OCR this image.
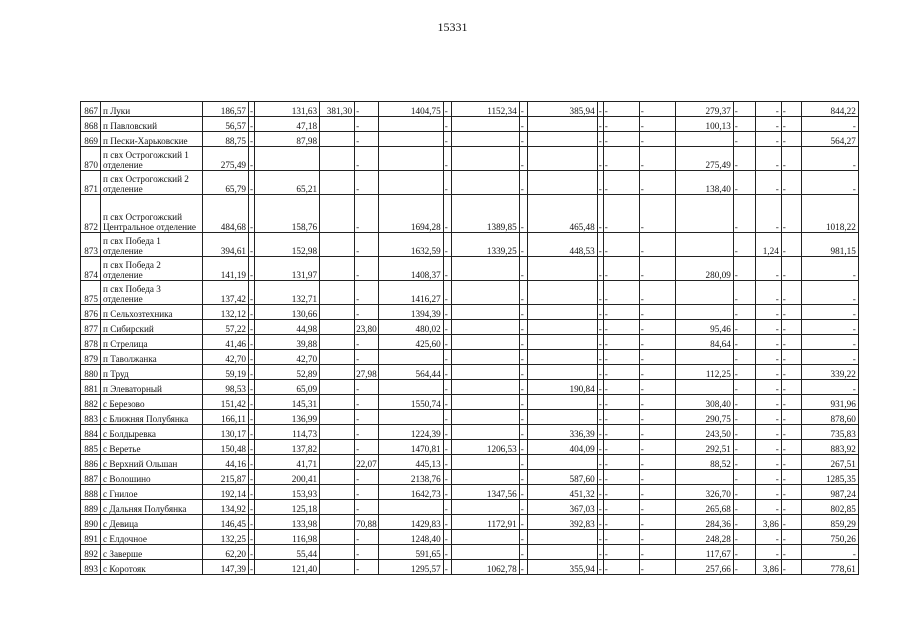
15331
867	п Луки	186,57	-	131,63	381,30	-	1404,75	-	1152,34	-	385,94	-	-	-	279,37	-	-	-	844,22
868	п Павловский	56,57	-	47,18		-		-		-		-	-	-	100,13	-	-	-	-
869	п Пески-Харьковские	88,75	-	87,98		-		-		-		-	-	-		-	-	-	564,27
870	п свх Острогожский 1 отделение	275,49	-			-		-		-		-	-	-	275,49	-	-	-	-
871	п свх Острогожский 2 отделение	65,79	-	65,21		-		-		-		-	-	-	138,40	-	-	-	-
872	п свх Острогожский Центральное отделение	484,68	-	158,76		-	1694,28	-	1389,85	-	465,48	-	-	-		-	-	-	1018,22
873	п свх Победа 1 отделение	394,61	-	152,98		-	1632,59	-	1339,25	-	448,53	-	-	-		-	1,24	-	981,15
874	п свх Победа 2 отделение	141,19	-	131,97		-	1408,37	-		-		-	-	-	280,09	-	-	-	-
875	п свх Победа 3 отделение	137,42	-	132,71		-	1416,27	-		-		-	-	-		-	-	-	-
876	п Сельхозтехника	132,12	-	130,66		-	1394,39	-		-		-	-	-		-	-	-	-
877	п Сибирский	57,22	-	44,98		23,80	480,02	-		-		-	-	-	95,46	-	-	-	-
878	п Стрелица	41,46	-	39,88		-	425,60	-		-		-	-	-	84,64	-	-	-	-
879	п Таволжанка	42,70	-	42,70		-		-		-		-	-	-		-	-	-	-
880	п Труд	59,19	-	52,89		27,98	564,44	-		-		-	-	-	112,25	-	-	-	339,22
881	п Элеваторный	98,53	-	65,09		-		-		-	190,84	-	-	-		-	-	-	-
882	с Березово	151,42	-	145,31		-	1550,74	-		-		-	-	-	308,40	-	-	-	931,96
883	с Ближняя Полубянка	166,11	-	136,99		-		-		-		-	-	-	290,75	-	-	-	878,60
884	с Болдыревка	130,17	-	114,73		-	1224,39	-		-	336,39	-	-	-	243,50	-	-	-	735,83
885	с Веретье	150,48	-	137,82		-	1470,81	-	1206,53	-	404,09	-	-	-	292,51	-	-	-	883,92
886	с Верхний Ольшан	44,16	-	41,71		22,07	445,13	-		-		-	-	-	88,52	-	-	-	267,51
887	с Волошино	215,87	-	200,41		-	2138,76	-		-	587,60	-	-	-		-	-	-	1285,35
888	с Гнилое	192,14	-	153,93		-	1642,73	-	1347,56	-	451,32	-	-	-	326,70	-	-	-	987,24
889	с Дальняя Полубянка	134,92	-	125,18		-		-		-	367,03	-	-	-	265,68	-	-	-	802,85
890	с Девица	146,45	-	133,98		70,88	1429,83	-	1172,91	-	392,83	-	-	-	284,36	-	3,86	-	859,29
891	с Елдочное	132,25	-	116,98		-	1248,40	-		-		-	-	-	248,28	-	-	-	750,26
892	с Заверше	62,20	-	55,44		-	591,65	-		-		-	-	-	117,67	-	-	-	-
893	с Коротояк	147,39	-	121,40		-	1295,57	-	1062,78	-	355,94	-	-	-	257,66	-	3,86	-	778,61
